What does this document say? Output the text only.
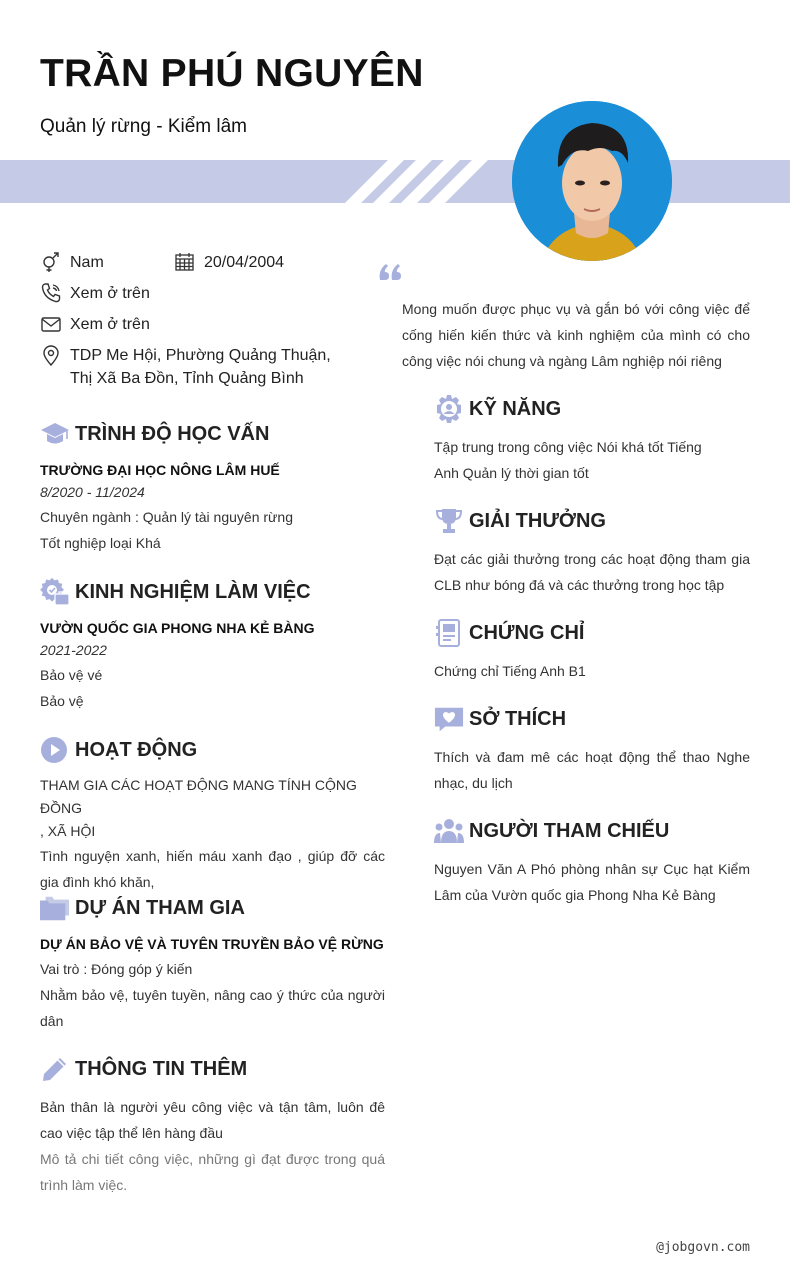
TRẦN PHÚ NGUYÊN
Quản lý rừng - Kiểm lâm
Nam	20/04/2004
Xem ở trên
Xem ở trên
TDP Me Hội, Phường Quảng Thuận,
Thị Xã Ba Đồn, Tỉnh Quảng Bình
Mong muốn được phục vụ và gắn bó với công việc để cống hiến kiến thức và kinh nghiệm của mình có cho công việc nói chung và ngàng Lâm nghiệp nói riêng
TRÌNH ĐỘ HỌC VẤN
TRƯỜNG ĐẠI HỌC NÔNG LÂM HUẾ
8/2020 - 11/2024
Chuyên ngành : Quản lý tài nguyên rừng
Tốt nghiệp loại Khá
KINH NGHIỆM LÀM VIỆC
VƯỜN QUỐC GIA PHONG NHA KẺ BÀNG
2021-2022
Bảo vệ vé
Bảo vệ
HOẠT ĐỘNG
THAM GIA CÁC HOẠT ĐỘNG MANG TÍNH CỘNG ĐỒNG
, XÃ HỘI
Tình nguyện xanh, hiến máu xanh đạo , giúp đỡ các gia đình khó khăn,
DỰ ÁN THAM GIA
DỰ ÁN BẢO VỆ VÀ TUYÊN TRUYỀN BẢO VỆ RỪNG
Vai trò : Đóng góp ý kiến
Nhằm bảo vệ, tuyên tuyền, nâng cao ý thức của người dân
THÔNG TIN THÊM
Bản thân là người yêu công việc và tận tâm, luôn đê cao việc tập thể lên hàng đầu
Mô tả chi tiết công việc, những gì đạt được trong quá trình làm việc.
KỸ NĂNG
Tập trung trong công việc Nói khá tốt Tiếng
Anh Quản lý thời gian tốt
GIẢI THƯỞNG
Đạt các giải thưởng trong các hoạt động tham gia CLB như bóng đá và các thưởng trong học tập
CHỨNG CHỈ
Chứng chỉ Tiếng Anh B1
SỞ THÍCH
Thích và đam mê các hoạt động thể thao Nghe nhạc, du lịch
NGƯỜI THAM CHIẾU
Nguyen Văn A Phó phòng nhân sự Cục hạt Kiểm Lâm của Vườn quốc gia Phong Nha Kẻ Bàng
@jobgovn.com
